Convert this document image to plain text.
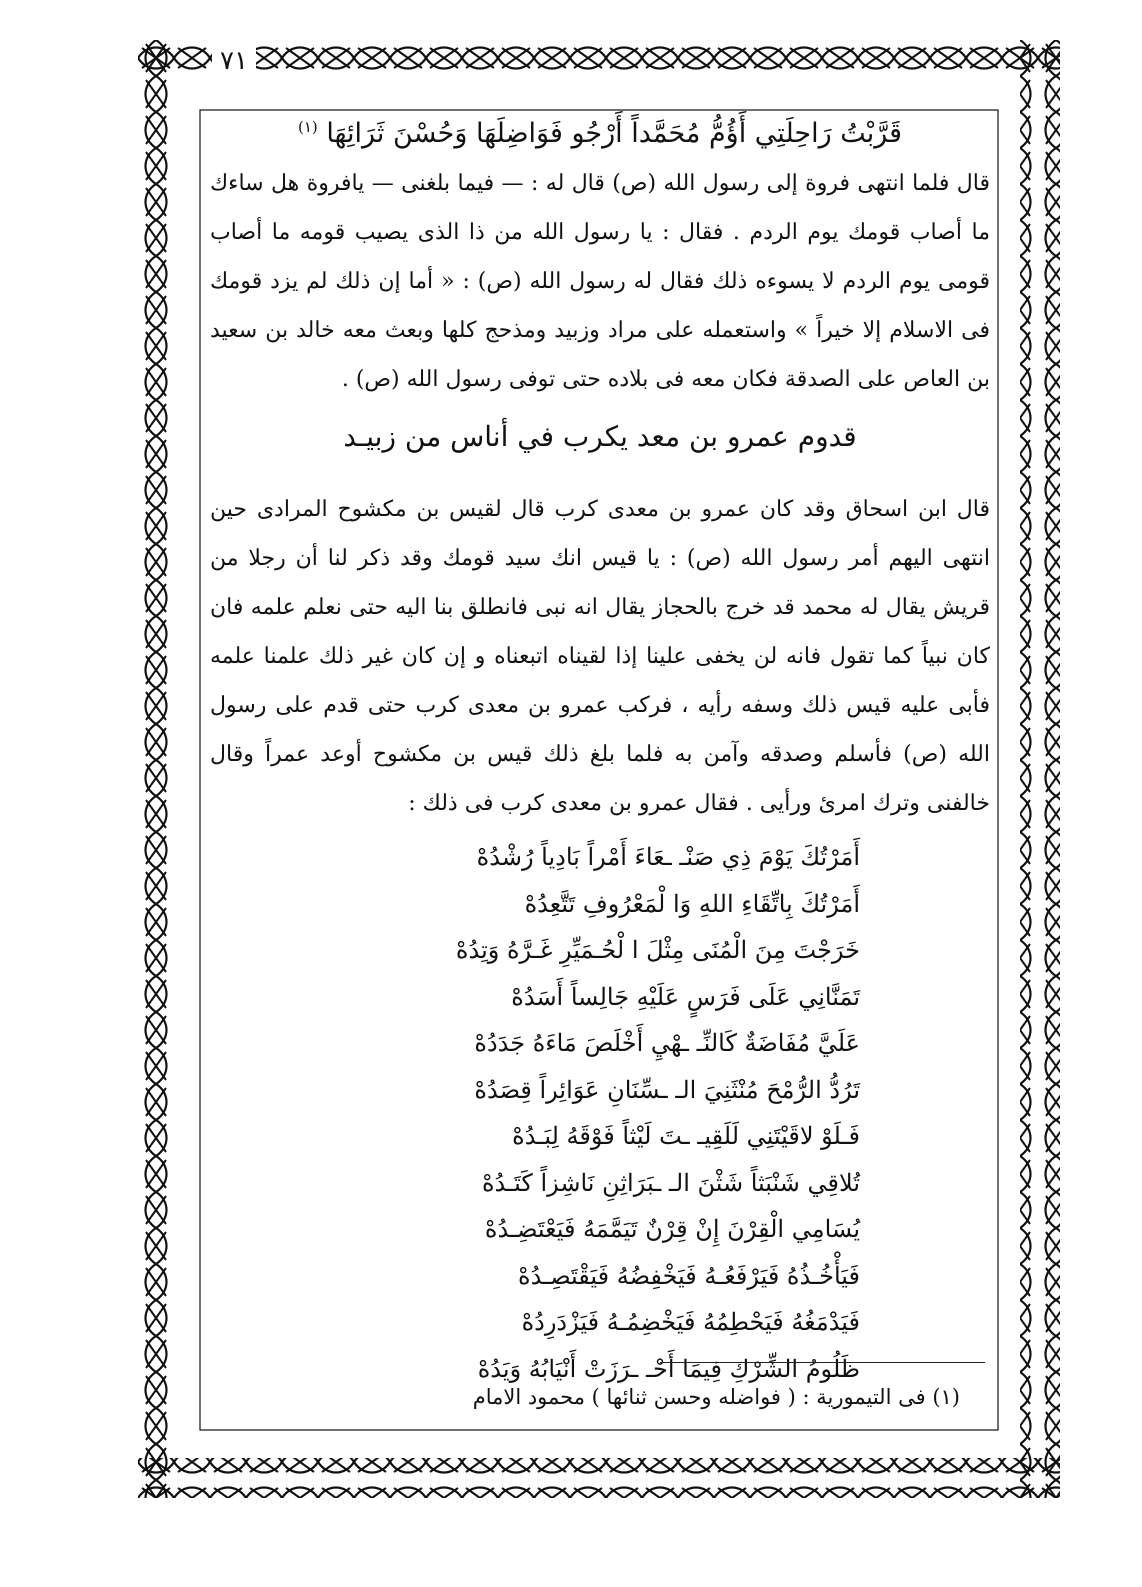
٧١
قَرَّبْتُ رَاحِلَتِي أَؤُمُّ مُحَمَّداً أَرْجُو فَوَاضِلَهَا وَحُسْنَ ثَرَائِهَا $^{(١)}$

قال فلما انتهى فروة إلى رسول الله (ص) قال له : — فيما بلغنى — يافروة هل ساءك ما أصاب قومك يوم الردم . فقال : يا رسول الله من ذا الذى يصيب قومه ما أصاب قومى يوم الردم لا يسوءه ذلك فقال له رسول الله (ص) : « أما إن ذلك لم يزد قومك فى الاسلام إلا خيراً » واستعمله على مراد وزبيد ومذحج كلها وبعث معه خالد بن سعيد بن العاص على الصدقة فكان معه فى بلاده حتى توفى رسول الله (ص) .

قدوم عمرو بن معد يكرب في أناس من زبيـد

قال ابن اسحاق وقد كان عمرو بن معدى كرب قال لقيس بن مكشوح المرادى حين انتهى اليهم أمر رسول الله (ص) : يا قيس انك سيد قومك وقد ذكر لنا أن رجلا من قريش يقال له محمد قد خرج بالحجاز يقال انه نبى فانطلق بنا اليه حتى نعلم علمه فان كان نبياً كما تقول فانه لن يخفى علينا إذا لقيناه اتبعناه و إن كان غير ذلك علمنا علمه فأبى عليه قيس ذلك وسفه رأيه ، فركب عمرو بن معدى كرب حتى قدم على رسول الله (ص) فأسلم وصدقه وآمن به فلما بلغ ذلك قيس بن مكشوح أوعد عمراً وقال خالفنى وترك امرئ ورأيى . فقال عمرو بن معدى كرب فى ذلك :

أَمَرْتُكَ يَوْمَ ذِي صَنْـ ـعَاءَ أَمْراً بَادِياً رُشْدُهْ
أَمَرْتُكَ بِاتِّقَاءِ اللهِ وَا لْمَعْرُوفِ تَتَّعِدُهْ
خَرَجْتَ مِنَ الْمُنَى مِثْلَ ا لْحُـمَيِّرِ غَـرَّهُ وَتِدُهْ
تَمَنَّانِي عَلَى فَرَسٍ عَلَيْهِ جَالِساً أَسَدُهْ
عَلَيَّ مُفَاضَةٌ كَالنِّـ ـهْيِ أَخْلَصَ مَاءَهُ جَدَدُهْ
تَرُدُّ الرُّمْحَ مُنْثَنِيَ الـ ـسِّنَانِ عَوَائِراً قِصَدُهْ
فَـلَوْ لاقَيْتَنِي لَلَقِيـ ـتَ لَيْثاً فَوْقَهُ لِبَـدُهْ
تُلاقِي شَنْبَثاً شَثْنَ الـ ـبَرَاثِنِ نَاشِزاً كَتَـدُهْ
يُسَامِي الْقِرْنَ إِنْ قِرْنٌ تَيَمَّمَهُ فَيَعْتَضِـدُهْ
فَيَأْخُـذُهُ فَيَرْفَعُـهُ فَيَخْفِضُهُ فَيَقْتَصِـدُهْ
فَيَدْمَغُهُ فَيَحْطِمُهُ فَيَخْضِمُـهُ فَيَزْدَرِدُهْ
ظَلُومُ الشِّرْكِ فِيمَا أَحْـ ـرَزَتْ أَنْيَابُهُ وَيَدُهْ
(١) فى التيمورية : ( فواضله وحسن ثنائها ) محمود الامام
